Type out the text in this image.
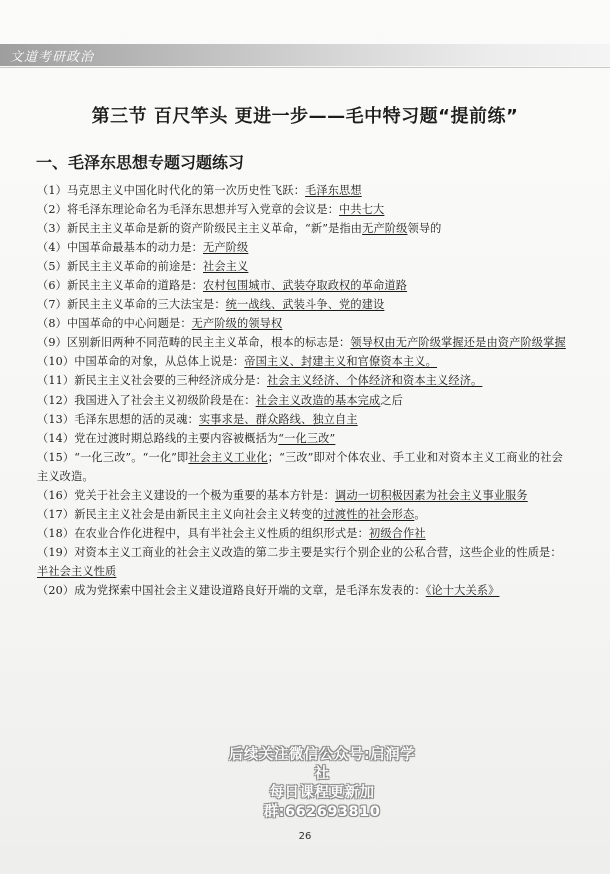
文道考研政治
第三节 百尺竿头 更进一步——毛中特习题“提前练”
一、毛泽东思想专题习题练习

（1）马克思主义中国化时代化的第一次历史性飞跃：毛泽东思想

（2）将毛泽东理论命名为毛泽东思想并写入党章的会议是：中共七大

（3）新民主主义革命是新的资产阶级民主主义革命，“新”是指由无产阶级领导的

（4）中国革命最基本的动力是：无产阶级

（5）新民主主义革命的前途是：社会主义

（6）新民主主义革命的道路是：农村包围城市、武装夺取政权的革命道路

（7）新民主主义革命的三大法宝是：统一战线、武装斗争、党的建设

（8）中国革命的中心问题是：无产阶级的领导权

（9）区别新旧两种不同范畴的民主主义革命，根本的标志是：领导权由无产阶级掌握还是由资产阶级掌握

（10）中国革命的对象，从总体上说是：帝国主义、封建主义和官僚资本主义。

（11）新民主主义社会要的三种经济成分是：社会主义经济、个体经济和资本主义经济。

（12）我国进入了社会主义初级阶段是在：社会主义改造的基本完成之后

（13）毛泽东思想的活的灵魂：实事求是、群众路线、独立自主

（14）党在过渡时期总路线的主要内容被概括为“一化三改”

（15）“一化三改”。“一化”即社会主义工业化；“三改”即对个体农业、手工业和对资本主义工商业的社会主义改造。

（16）党关于社会主义建设的一个极为重要的基本方针是：调动一切积极因素为社会主义事业服务

（17）新民主主义社会是由新民主主义向社会主义转变的过渡性的社会形态。

（18）在农业合作化进程中，具有半社会主义性质的组织形式是：初级合作社

（19）对资本主义工商业的社会主义改造的第二步主要是实行个别企业的公私合营，这些企业的性质是：半社会主义性质

（20）成为党探索中国社会主义建设道路良好开端的文章，是毛泽东发表的：《论十大关系》

后续关注微信公众号:启润学社
每日课程更新加群:662693810
26
